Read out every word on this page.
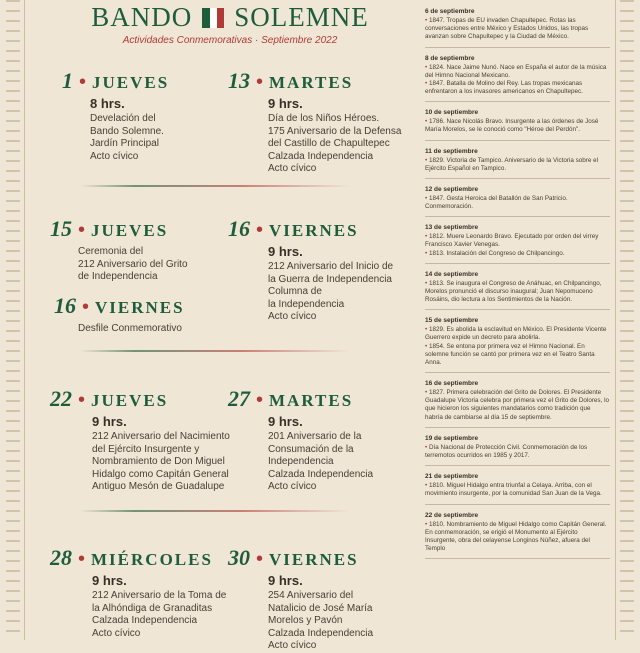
BANDO SOLEMNE
Actividades Conmemorativas · Septiembre 2022
1 • JUEVES
8 hrs.
Develación del
Bando Solemne.
Jardín Principal
Acto cívico
13 • MARTES
9 hrs.
Día de los Niños Héroes.
175 Aniversario de la Defensa
del Castillo de Chapultepec
Calzada Independencia
Acto cívico
15 • JUEVES
Ceremonia del
212 Aniversario del Grito
de Independencia
16 • VIERNES
9 hrs.
212 Aniversario del Inicio de
la Guerra de Independencia
Columna de
la Independencia
Acto cívico
16 • VIERNES
Desfile Conmemorativo
22 • JUEVES
9 hrs.
212 Aniversario del Nacimiento
del Ejército Insurgente y
Nombramiento de Don Miguel
Hidalgo como Capitán General
Antiguo Mesón de Guadalupe
27 • MARTES
9 hrs.
201 Aniversario de la
Consumación de la
Independencia
Calzada Independencia
Acto cívico
28 • MIÉRCOLES
9 hrs.
212 Aniversario de la Toma de
la Alhóndiga de Granaditas
Calzada Independencia
Acto cívico
30 • VIERNES
9 hrs.
254 Aniversario del
Natalicio de José María
Morelos y Pavón
Calzada Independencia
Acto cívico
6 de septiembre
• 1847. Tropas de EU invaden Chapultepec. Rotas las conversaciones entre México y Estados Unidos, las tropas avanzan sobre Chapultepec y la Ciudad de México.
8 de septiembre
• 1824. Nace Jaime Nunó. Nace en España el autor de la música del Himno Nacional Mexicano.
• 1847. Batalla de Molino del Rey. Las tropas mexicanas enfrentaron a los invasores americanos en Chapultepec.
10 de septiembre
• 1786. Nace Nicolás Bravo. Insurgente a las órdenes de José María Morelos, se le conoció como "Héroe del Perdón".
11 de septiembre
• 1829. Victoria de Tampico. Aniversario de la Victoria sobre el Ejército Español en Tampico.
12 de septiembre
• 1847. Gesta Heroica del Batallón de San Patricio. Conmemoración.
13 de septiembre
• 1812. Muere Leonardo Bravo. Ejecutado por orden del virrey Francisco Xavier Venegas.
• 1813. Instalación del Congreso de Chilpancingo.
14 de septiembre
• 1813. Se inaugura el Congreso de Anáhuac, en Chilpancingo, Morelos pronunció el discurso inaugural; Juan Nepomuceno Rosáins, dio lectura a los Sentimientos de la Nación.
15 de septiembre
• 1829. Es abolida la esclavitud en México. El Presidente Vicente Guerrero expide un decreto para abolirla.
• 1854. Se entona por primera vez el Himno Nacional. En solemne función se cantó por primera vez en el Teatro Santa Anna.
16 de septiembre
• 1827. Primera celebración del Grito de Dolores. El Presidente Guadalupe Victoria celebra por primera vez el Grito de Dolores, lo que hicieron los siguientes mandatarios como tradición que habría de cambiarse al día 15 de septiembre.
19 de septiembre
• Día Nacional de Protección Civil. Conmemoración de los terremotos ocurridos en 1985 y 2017.
21 de septiembre
• 1810. Miguel Hidalgo entra triunfal a Celaya. Arriba, con el movimiento insurgente, por la comunidad San Juan de la Vega.
22 de septiembre
• 1810. Nombramiento de Miguel Hidalgo como Capitán General. En conmemoración, se erigió el Monumento al Ejército Insurgente, obra del celayense Longinos Núñez, afuera del Templo
